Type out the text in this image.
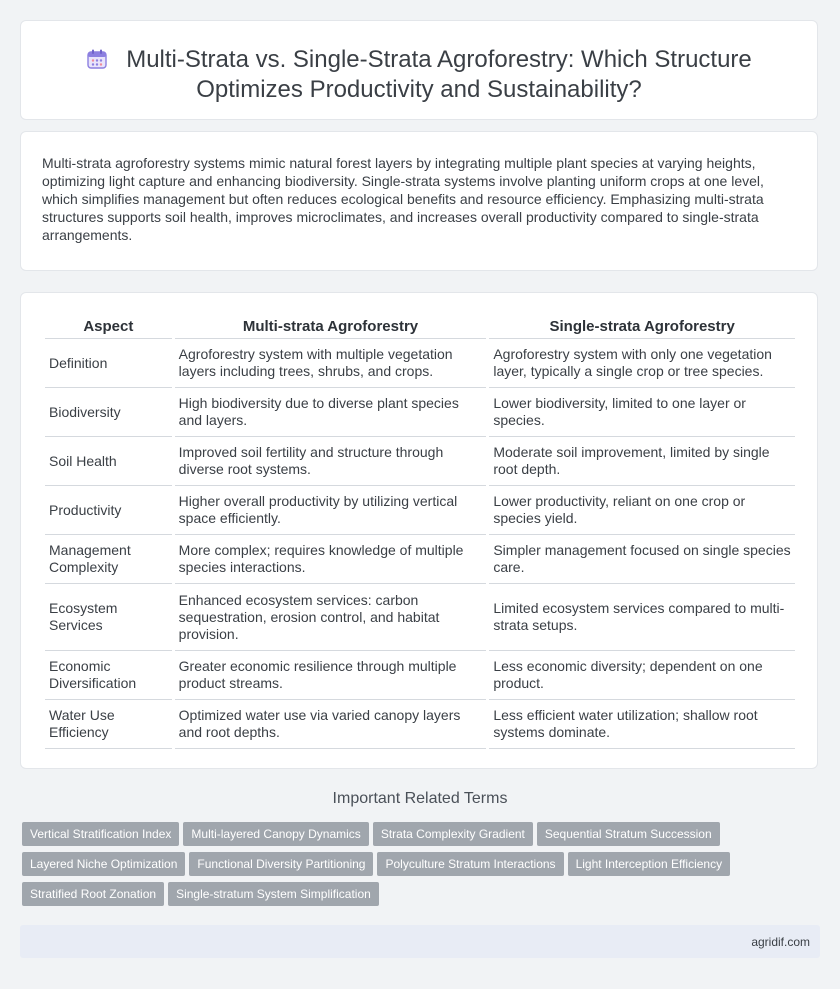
Multi-Strata vs. Single-Strata Agroforestry: Which Structure
Optimizes Productivity and Sustainability?
Multi-strata agroforestry systems mimic natural forest layers by integrating multiple plant species at varying heights, optimizing light capture and enhancing biodiversity. Single-strata systems involve planting uniform crops at one level, which simplifies management but often reduces ecological benefits and resource efficiency. Emphasizing multi-strata structures supports soil health, improves microclimates, and increases overall productivity compared to single-strata arrangements.
Aspect	Multi-strata Agroforestry	Single-strata Agroforestry
Definition	Agroforestry system with multiple vegetation layers including trees, shrubs, and crops.	Agroforestry system with only one vegetation layer, typically a single crop or tree species.
Biodiversity	High biodiversity due to diverse plant species and layers.	Lower biodiversity, limited to one layer or species.
Soil Health	Improved soil fertility and structure through diverse root systems.	Moderate soil improvement, limited by single root depth.
Productivity	Higher overall productivity by utilizing vertical space efficiently.	Lower productivity, reliant on one crop or species yield.
Management Complexity	More complex; requires knowledge of multiple species interactions.	Simpler management focused on single species care.
Ecosystem Services	Enhanced ecosystem services: carbon sequestration, erosion control, and habitat provision.	Limited ecosystem services compared to multi-strata setups.
Economic Diversification	Greater economic resilience through multiple product streams.	Less economic diversity; dependent on one product.
Water Use Efficiency	Optimized water use via varied canopy layers and root depths.	Less efficient water utilization; shallow root systems dominate.
Important Related Terms
Vertical Stratification Index Multi-layered Canopy Dynamics Strata Complexity Gradient Sequential Stratum SuccessionLayered Niche Optimization Functional Diversity Partitioning Polyculture Stratum Interactions Light Interception EfficiencyStratified Root Zonation Single-stratum System Simplification
agridif.com
